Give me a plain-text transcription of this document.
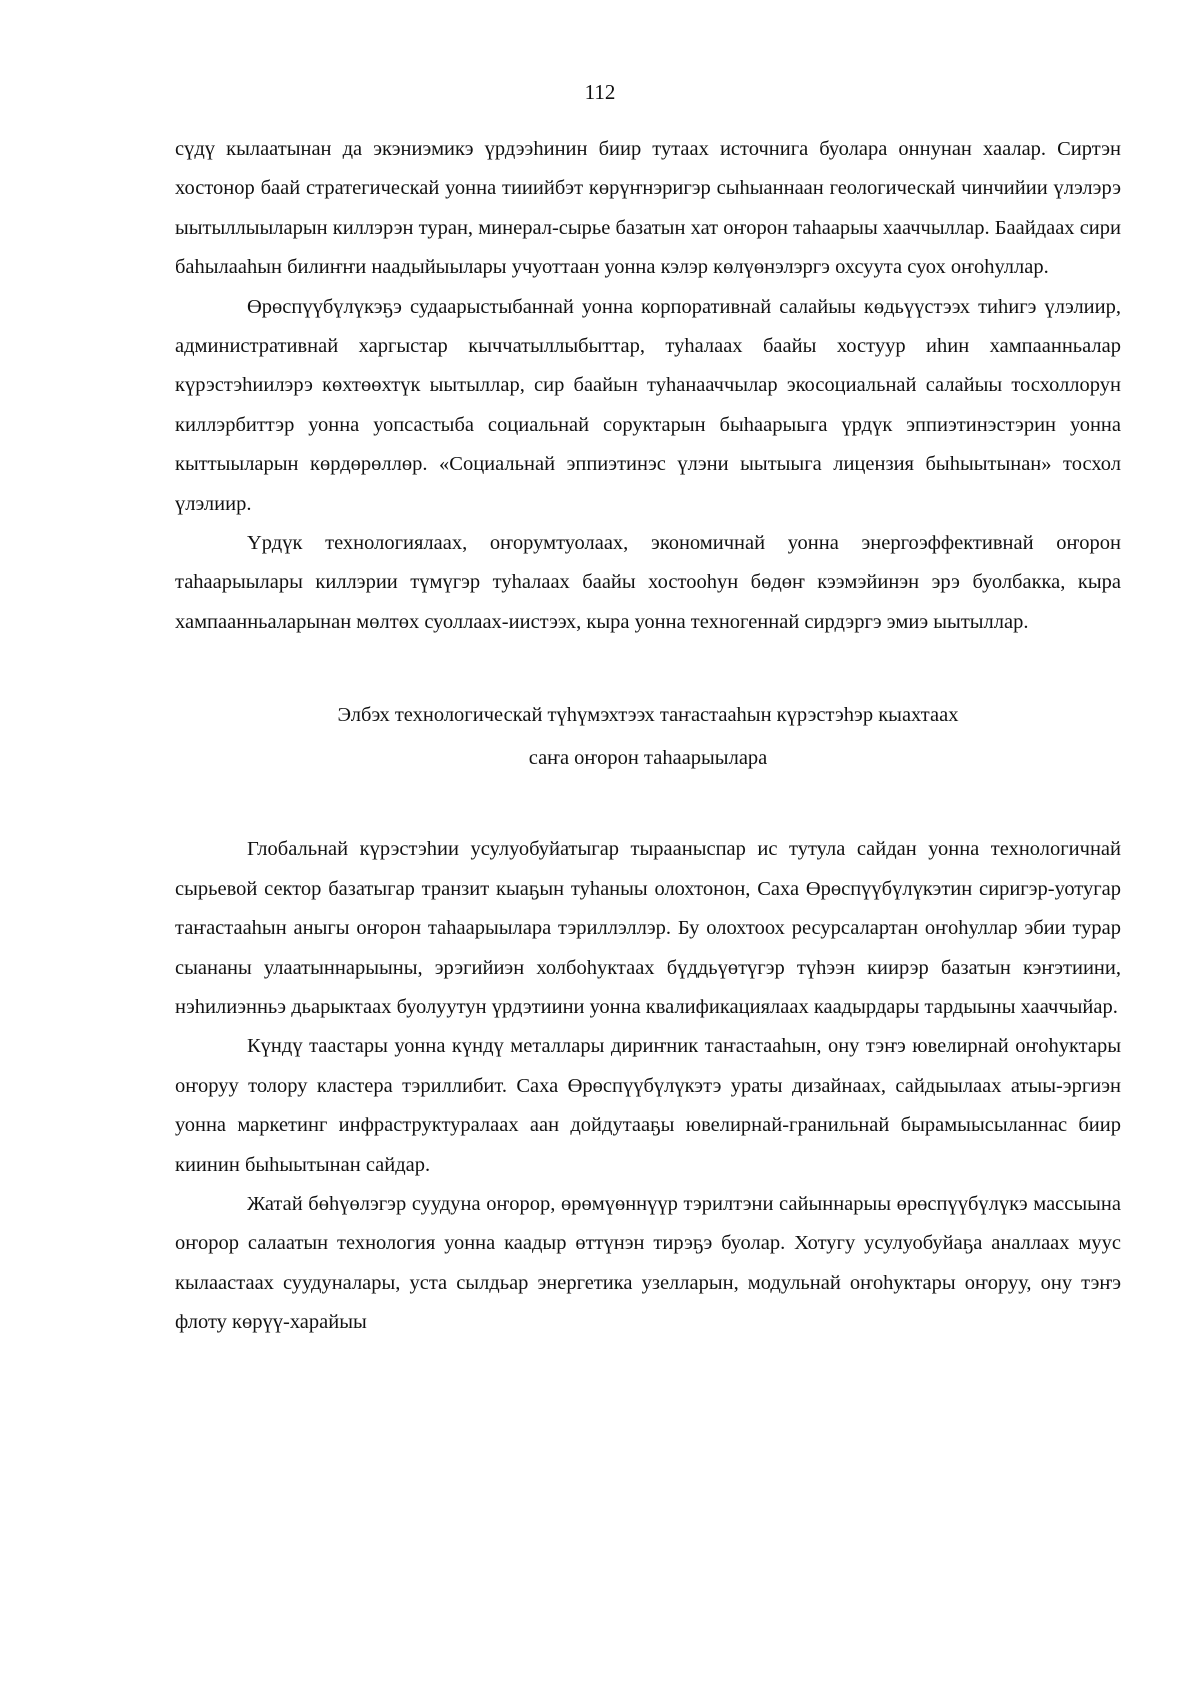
112

сүдү кылаатынан да экэниэмикэ үрдээһинин биир тутаах источнига буолара оннунан хаалар. Сиртэн хостонор баай стратегическай уонна тииийбэт көрүҥнэригэр сыһыаннаан геологическай чинчийии үлэлэрэ ыытыллыыларын киллэрэн туран, минерал-сырье базатын хат оҥорон таһаарыы хааччыллар. Баайдаах сири баһылааһын билиҥҥи наадыйыылары учуоттаан уонна кэлэр көлүөнэлэргэ охсуута суох оҥоһуллар.

Өрөспүүбүлүкэҕэ судаарыстыбаннай уонна корпоративнай салайыы көдьүүстээх тиһигэ үлэлиир, административнай харгыстар кыччатыллыбыттар, туһалаах баайы хостуур иһин хампаанньалар күрэстэһиилэрэ көхтөөхтүк ыытыллар, сир баайын туһанааччылар экосоциальнай салайыы тосхоллорун киллэрбиттэр уонна уопсастыба социальнай соруктарын быһаарыыга үрдүк эппиэтинэстэрин уонна кыттыыларын көрдөрөллөр. «Социальнай эппиэтинэс үлэни ыытыыга лицензия быһыытынан» тосхол үлэлиир.

Үрдүк технологиялаах, оҥорумтуолаах, экономичнай уонна энергоэффективнай оҥорон таһаарыылары киллэрии түмүгэр туһалаах баайы хостооһун бөдөҥ кээмэйинэн эрэ буолбакка, кыра хампаанньаларынан мөлтөх суоллаах-иистээх, кыра уонна техногеннай сирдэргэ эмиэ ыытыллар.

Элбэх технологическай түһүмэхтээх таҥастааһын күрэстэһэр кыахтаах
саҥа оҥорон таһаарыылара

Глобальнай күрэстэһии усулуобуйатыгар тырааныспар ис тутула сайдан уонна технологичнай сырьевой сектор базатыгар транзит кыаҕын туһаныы олохтонон, Саха Өрөспүүбүлүкэтин сиригэр-уотугар таҥастааһын аныгы оҥорон таһаарыылара тэриллэллэр. Бу олохтоох ресурсалартан оҥоһуллар эбии турар сыананы улаатыннарыыны, эрэгийиэн холбоһуктаах бүддьүөтүгэр түһээн киирэр базатын кэҥэтиини, нэһилиэнньэ дьарыктаах буолуутун үрдэтиини уонна квалификациялаах каадырдары тардыыны хааччыйар.

Күндү таастары уонна күндү металлары дириҥник таҥастааһын, ону тэҥэ ювелирнай оҥоһуктары оҥоруу толору кластера тэриллибит. Саха Өрөспүүбүлүкэтэ ураты дизайнаах, сайдыылаах атыы-эргиэн уонна маркетинг инфраструктуралаах аан дойдутааҕы ювелирнай-гранильнай бырамыысыланнас биир киинин быһыытынан сайдар.

Жатай бөһүөлэгэр суудуна оҥорор, өрөмүөннүүр тэрилтэни сайыннарыы өрөспүүбүлүкэ массыына оҥорор салаатын технология уонна каадыр өттүнэн тирэҕэ буолар. Хотугу усулуобуйаҕа аналлаах муус кылаастаах суудуналары, уста сылдьар энергетика узелларын, модульнай оҥоһуктары оҥоруу, ону тэҥэ флоту көрүү-харайыы
